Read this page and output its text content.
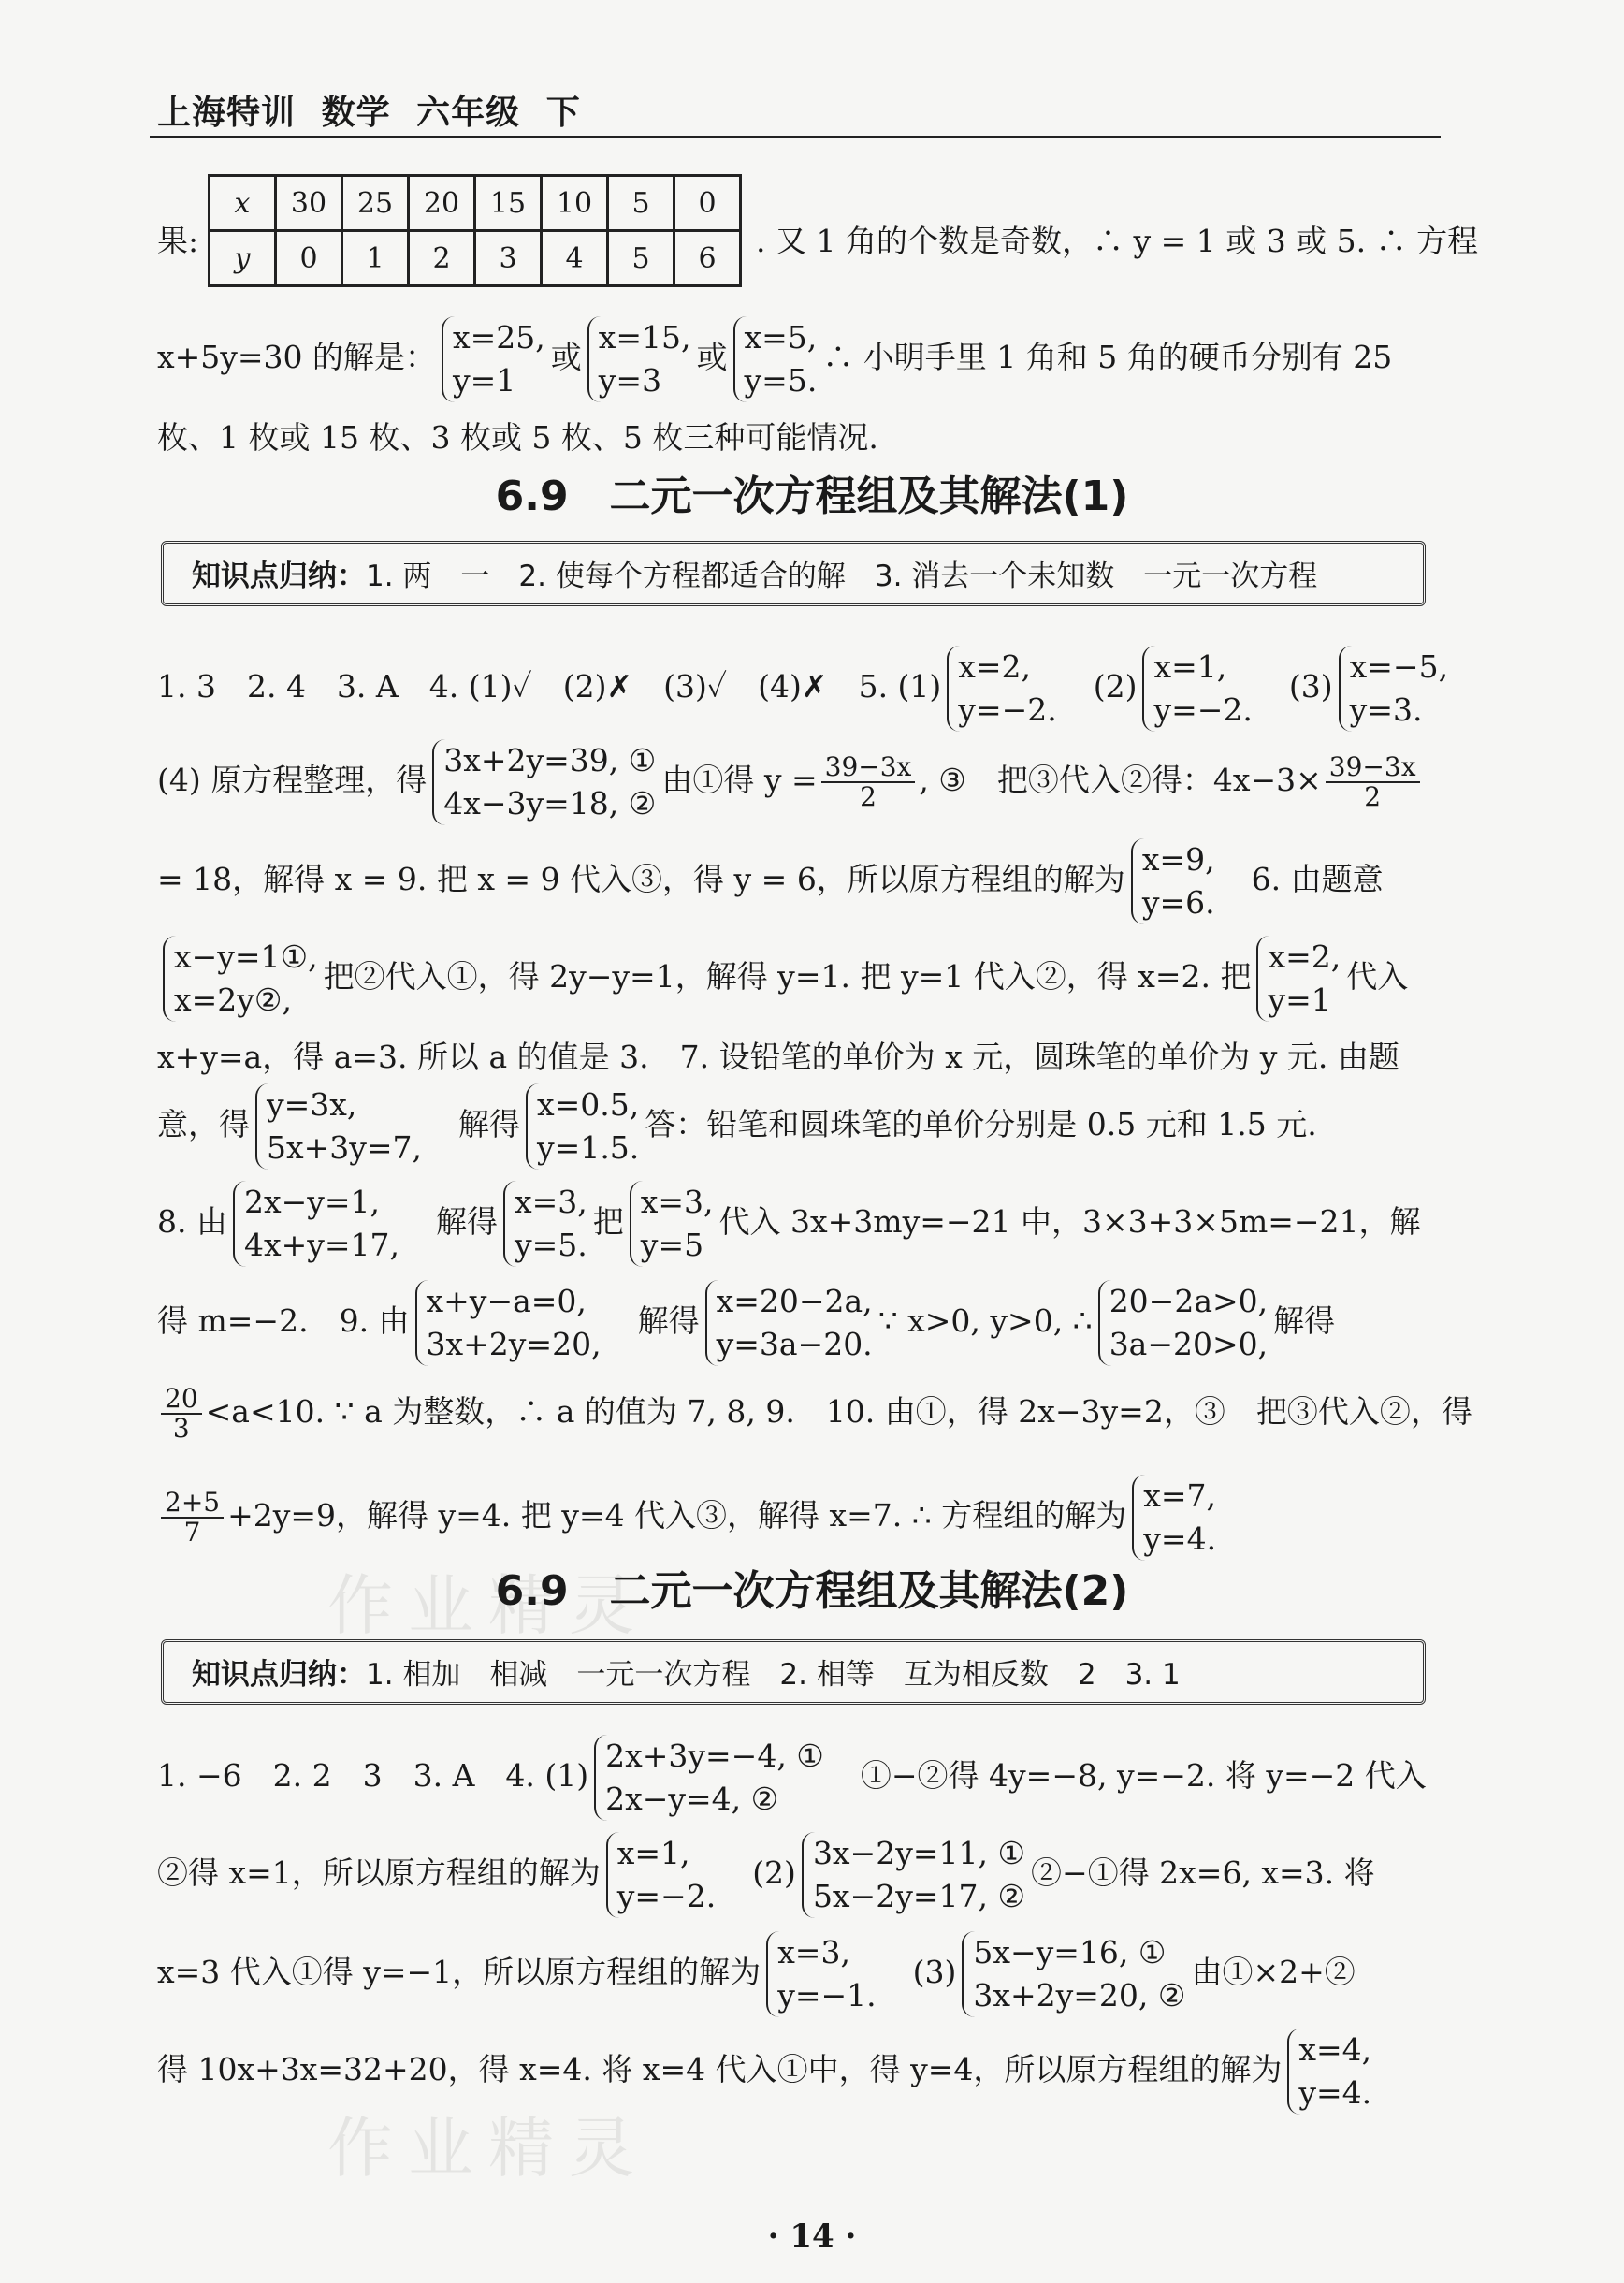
作业精灵
作业精灵
上海特训 数学 六年级 下
果:
x	30	25	20	15	10	5	0
y	0	1	2	3	4	5	6 . 又 1 角的个数是奇数，∴ y = 1 或 3 或 5. ∴ 方程
x+5y=30 的解是：
x=25,
y=1
或
x=15,
y=3
或
x=5,
y=5.
∴ 小明手里 1 角和 5 角的硬币分别有 25
枚、1 枚或 15 枚、3 枚或 5 枚、5 枚三种可能情况.
6.9　二元一次方程组及其解法(1)
知识点归纳：1. 两　一　2. 使每个方程都适合的解　3. 消去一个未知数　一元一次方程
1. 3　2. 4　3. A　4. (1)✓　(2)✗　(3)✓　(4)✗　5. (1)
x=2,
y=−2.
　(2)
x=1,
y=−2.
　(3)
x=−5,
y=3.
(4) 原方程整理，得
3x+2y=39, ①
4x−3y=18, ②
由①得 $y = \frac{39-3x}{2}$ , ③　把③代入②得：$4x-3\times \frac{39-3x}{2}$
= 18，解得 x = 9. 把 x = 9 代入③，得 y = 6，所以原方程组的解为
x=9,
y=6.
　6. 由题意
x−y=1①,
x=2y②,
把②代入①，得 2y−y=1，解得 y=1. 把 y=1 代入②，得 x=2. 把
x=2,
y=1
代入
x+y=a，得 a=3. 所以 a 的值是 3.　7. 设铅笔的单价为 x 元，圆珠笔的单价为 y 元. 由题
意，得
y=3x,
5x+3y=7,
　解得
x=0.5,
y=1.5.
答：铅笔和圆珠笔的单价分别是 0.5 元和 1.5 元.
8. 由
2x−y=1,
4x+y=17,
　解得
x=3,
y=5.
把
x=3,
y=5
代入 3x+3my=−21 中，3×3+3×5m=−21，解
得 m=−2.　9. 由
x+y−a=0,
3x+2y=20,
　解得
x=20−2a,
y=3a−20.
∵ x>0, y>0, ∴
20−2a>0,
3a−20>0,
解得
$\frac{20}{3} <a<10$. ∵ a 为整数，∴ a 的值为 7, 8, 9.　10. 由①，得 2x−3y=2，③　把③代入②，得
$\frac{2+5}{7} +2y=9$，解得 y=4. 把 y=4 代入③，解得 x=7. ∴ 方程组的解为
x=7,
y=4.
6.9　二元一次方程组及其解法(2)
知识点归纳：1. 相加　相减　一元一次方程　2. 相等　互为相反数　2　3. 1
1. −6　2. 2　3　3. A　4. (1)
2x+3y=−4, ①
2x−y=4, ②
　①−②得 4y=−8, y=−2. 将 y=−2 代入
②得 x=1，所以原方程组的解为
x=1,
y=−2.
　(2)
3x−2y=11, ①
5x−2y=17, ②
②−①得 2x=6, x=3. 将
x=3 代入①得 y=−1，所以原方程组的解为
x=3,
y=−1.
　(3)
5x−y=16, ①
3x+2y=20, ②
由①×2+②
得 10x+3x=32+20，得 x=4. 将 x=4 代入①中，得 y=4，所以原方程组的解为
x=4,
y=4.
· 14 ·
